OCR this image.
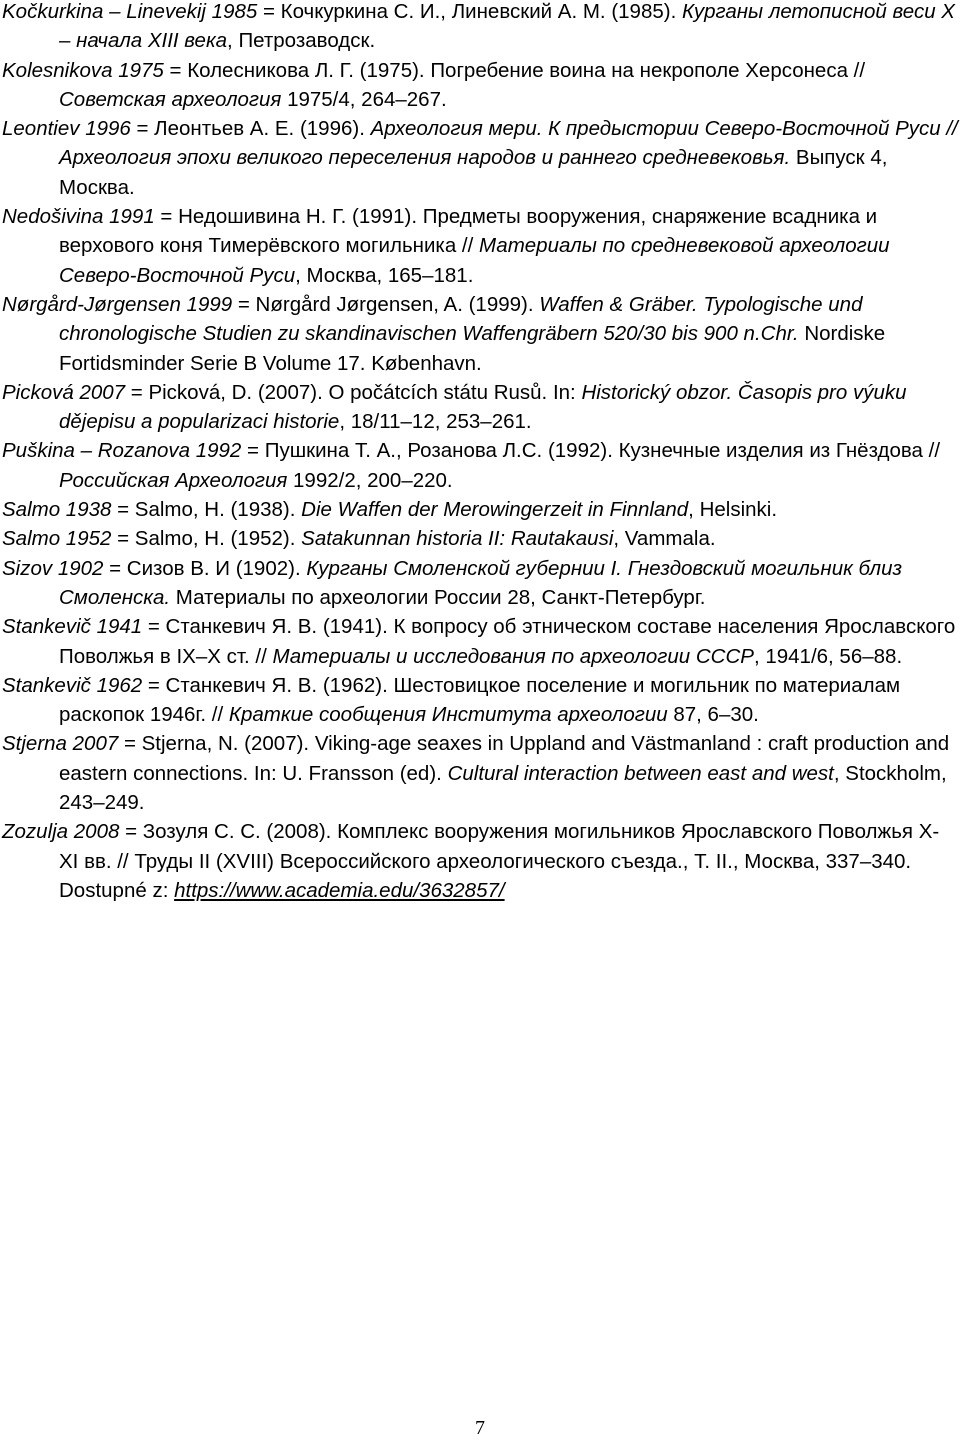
Kočkurkina – Linevekij 1985 = Кочкуркина С. И., Линевский А. М. (1985). Курганы летописной веси X – начала XIII века, Петрозаводск.

Kolesnikova 1975 = Колесникова Л. Г. (1975). Погребение воина на некрополе Херсонеса // Советская археология 1975/4, 264–267.

Leontiev 1996 = Леонтьев А. Е. (1996). Археология мери. К предыстории Северо-Восточной Руси // Археология эпохи великого переселения народов и раннего средневековья. Выпуск 4, Москва.

Nedošivina 1991 = Недошивина Н. Г. (1991). Предметы вооружения, снаряжение всадника и верхового коня Тимерёвского могильника // Материалы по средневековой археологии Северо-Восточной Руси, Москва, 165–181.

Nørgård-Jørgensen 1999 = Nørgård Jørgensen, A. (1999). Waffen & Gräber. Typologische und chronologische Studien zu skandinavischen Waffengräbern 520/30 bis 900 n.Chr. Nordiske Fortidsminder Serie B Volume 17. København.

Picková 2007 = Picková, D. (2007). O počátcích státu Rusů. In: Historický obzor. Časopis pro výuku dějepisu a popularizaci historie, 18/11–12, 253–261.

Puškina – Rozanova 1992 = Пушкина Т. А., Розанова Л.С. (1992). Кузнечные изделия из Гнёздова // Российская Археология 1992/2, 200–220.

Salmo 1938 = Salmo, H. (1938). Die Waffen der Merowingerzeit in Finnland, Helsinki.

Salmo 1952 = Salmo, H. (1952). Satakunnan historia II: Rautakausi, Vammala.

Sizov 1902 = Сизов В. И (1902). Курганы Смоленской губернии I. Гнездовский могильник близ Смоленска. Материалы по археологии России 28, Санкт-Петербург.

Stankevič 1941 = Станкевич Я. В. (1941). К вопросу об этническом составе населения Ярославского Поволжья в IX–X ст. // Материалы и исследования по археологии СССР, 1941/6, 56–88.

Stankevič 1962 = Станкевич Я. В. (1962). Шестовицкое поселение и могильник по материалам раскопок 1946г. // Краткие сообщения Института археологии 87, 6–30.

Stjerna 2007 = Stjerna, N. (2007). Viking-age seaxes in Uppland and Västmanland : craft production and eastern connections. In: U. Fransson (ed). Cultural interaction between east and west, Stockholm, 243–249.

Zozulja 2008 = Зозуля С. С. (2008). Комплекс вооружения могильников Ярославского Поволжья X-XI вв. // Труды II (XVIII) Всероссийского археологического съезда., Т. II., Москва, 337–340. Dostupné z: https://www.academia.edu/3632857/

7
